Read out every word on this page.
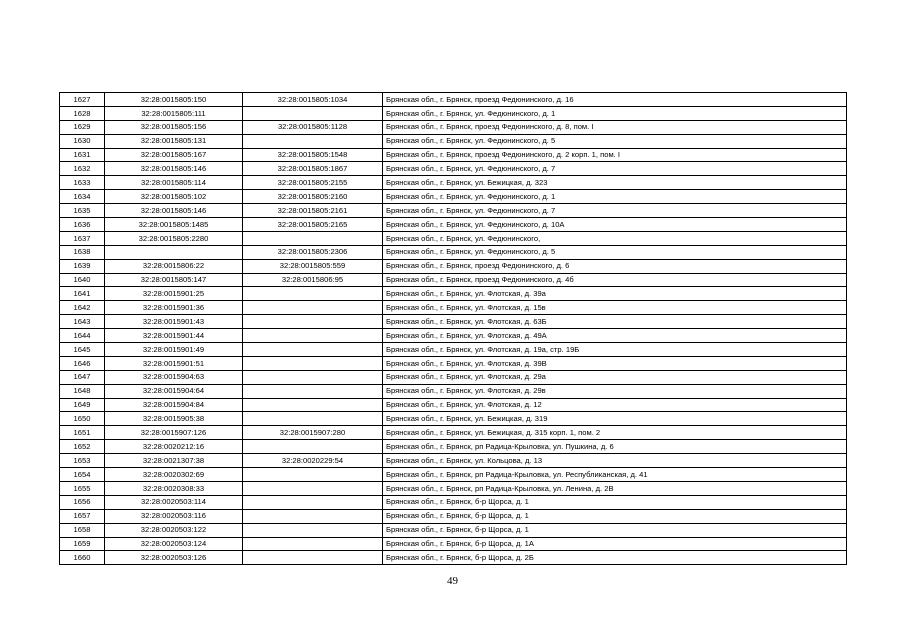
1627	32:28:0015805:150	32:28:0015805:1034	Брянская обл., г. Брянск, проезд Федюнинского, д. 16
1628	32:28:0015805:111		Брянская обл., г. Брянск, ул. Федюнинского, д. 1
1629	32:28:0015805:156	32:28:0015805:1128	Брянская обл., г. Брянск, проезд Федюнинского, д. 8, пом. I
1630	32:28:0015805:131		Брянская обл., г. Брянск, ул. Федюнинского, д. 5
1631	32:28:0015805:167	32:28:0015805:1548	Брянская обл., г. Брянск, проезд Федюнинского, д. 2 корп. 1, пом. I
1632	32:28:0015805:146	32:28:0015805:1867	Брянская обл., г. Брянск, ул. Федюнинского, д. 7
1633	32:28:0015805:114	32:28:0015805:2155	Брянская обл., г. Брянск, ул. Бежицкая, д. 323
1634	32:28:0015805:102	32:28:0015805:2160	Брянская обл., г. Брянск, ул. Федюнинского, д. 1
1635	32:28:0015805:146	32:28:0015805:2161	Брянская обл., г. Брянск, ул. Федюнинского, д. 7
1636	32:28:0015805:1485	32:28:0015805:2165	Брянская обл., г. Брянск, ул. Федюнинского, д. 10А
1637	32:28:0015805:2280		Брянская обл., г. Брянск, ул. Федюнинского,
1638		32:28:0015805:2306	Брянская обл., г. Брянск, ул. Федюнинского, д. 5
1639	32:28:0015806:22	32:28:0015805:559	Брянская обл., г. Брянск, проезд Федюнинского, д. 6
1640	32:28:0015805:147	32:28:0015806:95	Брянская обл., г. Брянск, проезд Федюнинского, д. 4б
1641	32:28:0015901:25		Брянская обл., г. Брянск, ул. Флотская, д. 39а
1642	32:28:0015901:36		Брянская обл., г. Брянск, ул. Флотская, д. 15в
1643	32:28:0015901:43		Брянская обл., г. Брянск, ул. Флотская, д. 63Б
1644	32:28:0015901:44		Брянская обл., г. Брянск, ул. Флотская, д. 49А
1645	32:28:0015901:49		Брянская обл., г. Брянск, ул. Флотская, д. 19а, стр. 19Б
1646	32:28:0015901:51		Брянская обл., г. Брянск, ул. Флотская, д. 39В
1647	32:28:0015904:63		Брянская обл., г. Брянск, ул. Флотская, д. 29а
1648	32:28:0015904:64		Брянская обл., г. Брянск, ул. Флотская, д. 29в
1649	32:28:0015904:84		Брянская обл., г. Брянск, ул. Флотская, д. 12
1650	32:28:0015905:38		Брянская обл., г. Брянск, ул. Бежицкая, д. 319
1651	32:28:0015907:126	32:28:0015907:280	Брянская обл., г. Брянск, ул. Бежицкая, д. 315 корп. 1, пом. 2
1652	32:28:0020212:16		Брянская обл., г. Брянск, рп Радица-Крыловка, ул. Пушкина, д. 6
1653	32:28:0021307:38	32:28:0020229:54	Брянская обл., г. Брянск, ул. Кольцова, д. 13
1654	32:28:0020302:69		Брянская обл., г. Брянск, рп Радица-Крыловка, ул. Республиканская, д. 41
1655	32:28:0020308:33		Брянская обл., г. Брянск, рп Радица-Крыловка, ул. Ленина, д. 2В
1656	32:28:0020503:114		Брянская обл., г. Брянск, б-р Щорса, д. 1
1657	32:28:0020503:116		Брянская обл., г. Брянск, б-р Щорса, д. 1
1658	32:28:0020503:122		Брянская обл., г. Брянск, б-р Щорса, д. 1
1659	32:28:0020503:124		Брянская обл., г. Брянск, б-р Щорса, д. 1А
1660	32:28:0020503:126		Брянская обл., г. Брянск, б-р Щорса, д. 2Б
49
